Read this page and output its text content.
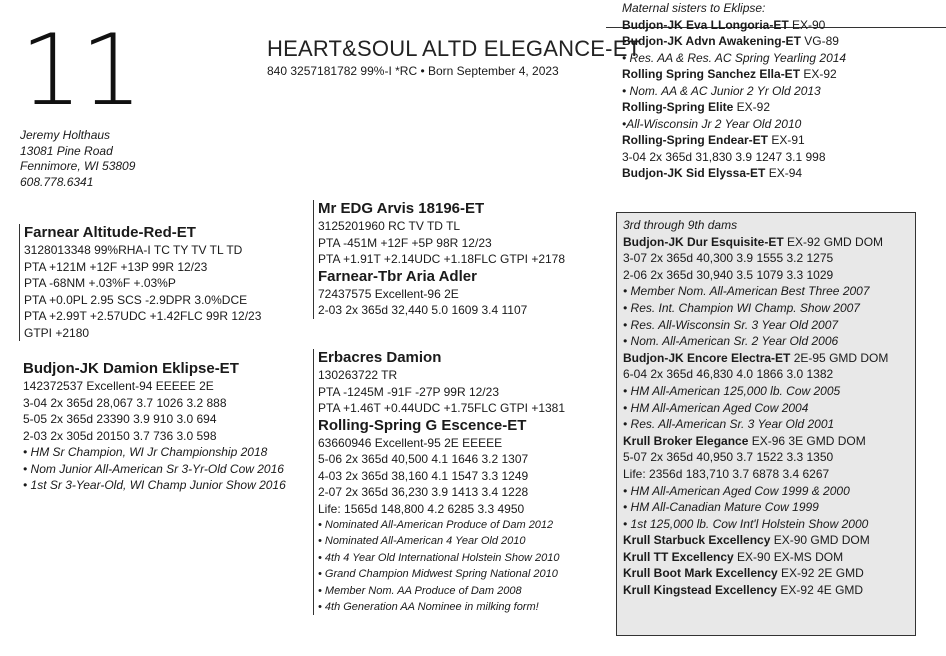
11
Jeremy Holthaus
13081 Pine Road
Fennimore, WI 53809
608.778.6341
HEART&SOUL ALTD ELEGANCE-ET
840 3257181782 99%-I *RC • Born September 4, 2023
Farnear Altitude-Red-ET
3128013348 99%RHA-I TC TY TV TL TD
PTA +121M +12F +13P 99R 12/23
PTA -68NM +.03%F +.03%P
PTA +0.0PL 2.95 SCS -2.9DPR 3.0%DCE
PTA +2.99T +2.57UDC +1.42FLC 99R 12/23
GTPI +2180
Budjon-JK Damion Eklipse-ET
142372537 Excellent-94 EEEEE 2E
3-04 2x 365d 28,067 3.7 1026 3.2 888
5-05 2x 365d 23390 3.9 910 3.0 694
2-03 2x 305d 20150 3.7 736 3.0 598
• HM Sr Champion, WI Jr Championship 2018
• Nom Junior All-American Sr 3-Yr-Old Cow 2016
• 1st Sr 3-Year-Old, WI Champ Junior Show 2016
Mr EDG Arvis 18196-ET
3125201960 RC TV TD TL
PTA -451M +12F +5P 98R 12/23
PTA +1.91T +2.14UDC +1.18FLC GTPI +2178
Farnear-Tbr Aria Adler
72437575 Excellent-96 2E
2-03 2x 365d 32,440 5.0 1609 3.4 1107
Erbacres Damion
130263722 TR
PTA -1245M -91F -27P 99R 12/23
PTA +1.46T +0.44UDC +1.75FLC GTPI +1381
Rolling-Spring G Escence-ET
63660946 Excellent-95 2E EEEEE
5-06 2x 365d 40,500 4.1 1646 3.2 1307
4-03 2x 365d 38,160 4.1 1547 3.3 1249
2-07 2x 365d 36,230 3.9 1413 3.4 1228
Life: 1565d 148,800 4.2 6285 3.3 4950
• Nominated All-American Produce of Dam 2012
• Nominated All-American 4 Year Old 2010
• 4th 4 Year Old International Holstein Show 2010
• Grand Champion Midwest Spring National 2010
• Member Nom. AA Produce of Dam 2008
• 4th Generation AA Nominee in milking form!
Maternal sisters to Eklipse:
Budjon-JK Eva LLongoria-ET EX-90
Budjon-JK Advn Awakening-ET VG-89
• Res. AA & Res. AC Spring Yearling 2014
Rolling Spring Sanchez Ella-ET EX-92
• Nom. AA & AC Junior 2 Yr Old 2013
Rolling-Spring Elite EX-92
•All-Wisconsin Jr 2 Year Old 2010
Rolling-Spring Endear-ET EX-91
3-04 2x 365d 31,830 3.9 1247 3.1 998
Budjon-JK Sid Elyssa-ET EX-94
3rd through 9th dams
Budjon-JK Dur Esquisite-ET EX-92 GMD DOM
3-07 2x 365d 40,300 3.9 1555 3.2 1275
2-06 2x 365d 30,940 3.5 1079 3.3 1029
• Member Nom. All-American Best Three 2007
• Res. Int. Champion WI Champ. Show 2007
• Res. All-Wisconsin Sr. 3 Year Old 2007
• Nom. All-American Sr. 2 Year Old 2006
Budjon-JK Encore Electra-ET 2E-95 GMD DOM
6-04 2x 365d 46,830 4.0 1866 3.0 1382
• HM All-American 125,000 lb. Cow 2005
• HM All-American Aged Cow 2004
• Res. All-American Sr. 3 Year Old 2001
Krull Broker Elegance EX-96 3E GMD DOM
5-07 2x 365d 40,950 3.7 1522 3.3 1350
Life: 2356d 183,710 3.7 6878 3.4 6267
• HM All-American Aged Cow 1999 & 2000
• HM All-Canadian Mature Cow 1999
• 1st 125,000 lb. Cow Int'l Holstein Show 2000
Krull Starbuck Excellency EX-90 GMD DOM
Krull TT Excellency EX-90 EX-MS DOM
Krull Boot Mark Excellency EX-92 2E GMD
Krull Kingstead Excellency EX-92 4E GMD
